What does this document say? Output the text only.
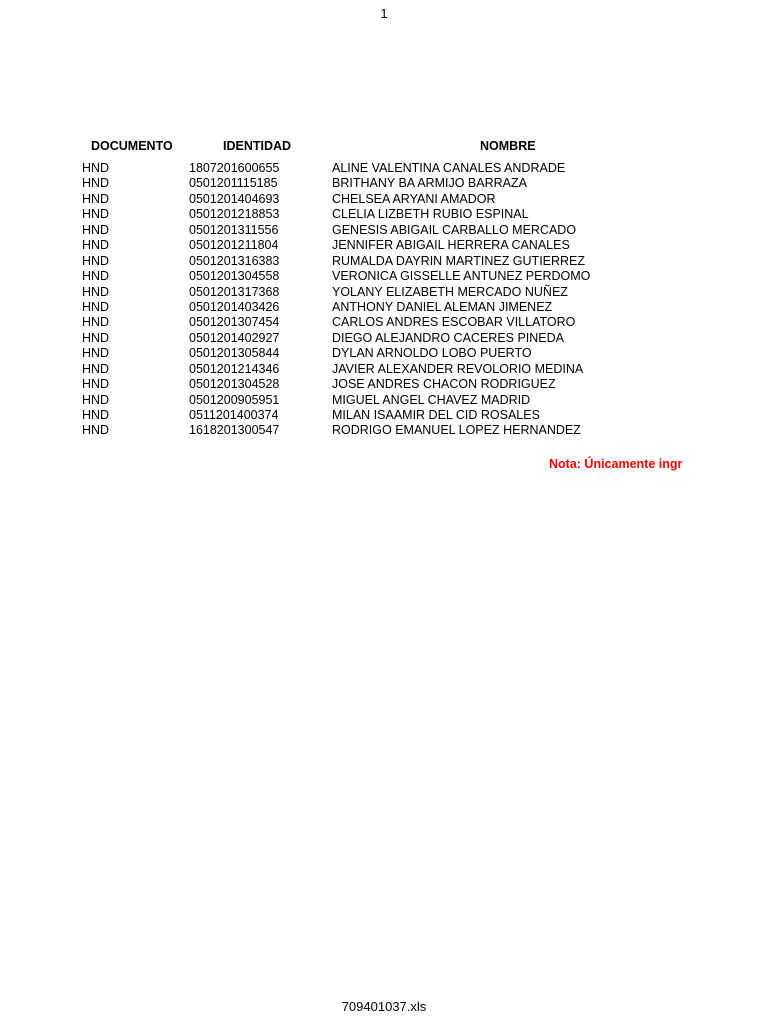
1
DOCUMENTO	IDENTIDAD	NOMBRE
HND	1807201600655	ALINE VALENTINA CANALES ANDRADE
HND	0501201115185	BRITHANY BA ARMIJO BARRAZA
HND	0501201404693	CHELSEA ARYANI AMADOR
HND	0501201218853	CLELIA LIZBETH RUBIO ESPINAL
HND	0501201311556	GENESIS ABIGAIL CARBALLO MERCADO
HND	0501201211804	JENNIFER ABIGAIL HERRERA CANALES
HND	0501201316383	RUMALDA DAYRIN MARTINEZ GUTIERREZ
HND	0501201304558	VERONICA GISSELLE ANTUNEZ PERDOMO
HND	0501201317368	YOLANY ELIZABETH MERCADO NUÑEZ
HND	0501201403426	ANTHONY DANIEL ALEMAN JIMENEZ
HND	0501201307454	CARLOS ANDRES ESCOBAR VILLATORO
HND	0501201402927	DIEGO ALEJANDRO CACERES PINEDA
HND	0501201305844	DYLAN ARNOLDO LOBO PUERTO
HND	0501201214346	JAVIER ALEXANDER REVOLORIO MEDINA
HND	0501201304528	JOSE ANDRES CHACON RODRIGUEZ
HND	0501200905951	MIGUEL ANGEL CHAVEZ MADRID
HND	0511201400374	MILAN ISAAMIR DEL CID ROSALES
HND	1618201300547	RODRIGO EMANUEL LOPEZ HERNANDEZ
Nota: Únicamente ingr
709401037.xls
